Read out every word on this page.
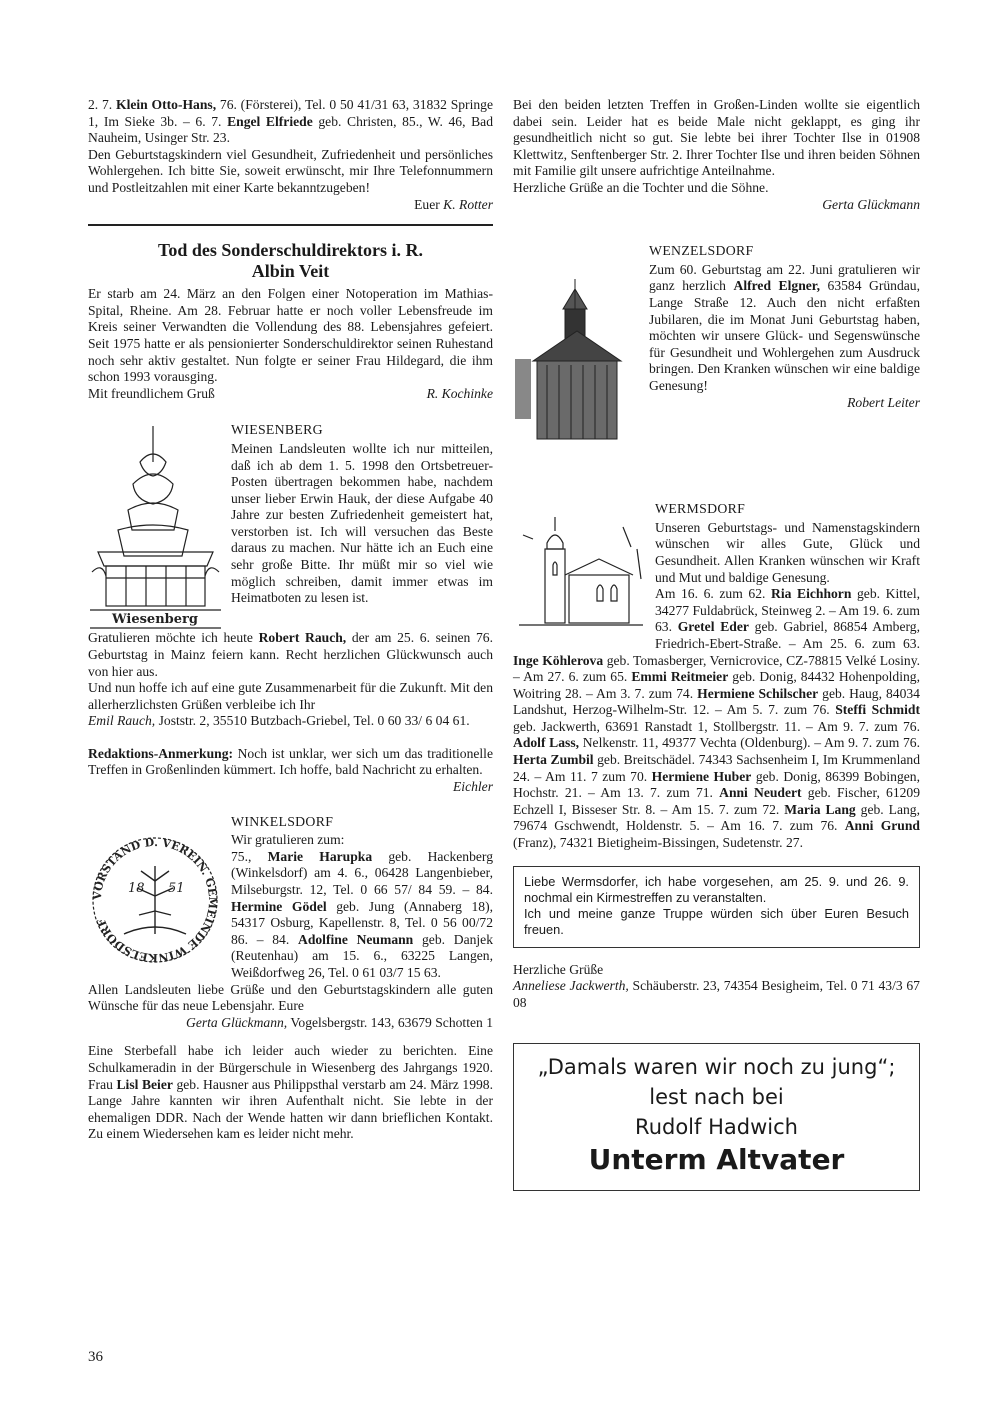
2. 7. Klein Otto-Hans, 76. (Försterei), Tel. 0 50 41/31 63, 31832 Springe 1, Im Sieke 3b. – 6. 7. Engel Elfriede geb. Christen, 85., W. 46, Bad Nauheim, Usinger Str. 23.

Den Geburtstagskindern viel Gesundheit, Zufriedenheit und persönliches Wohlergehen. Ich bitte Sie, soweit erwünscht, mir Ihre Telefonnummern und Postleitzahlen mit einer Karte bekanntzugeben!

Euer K. Rotter

Tod des Sonderschuldirektors i. R.
Albin Veit

Er starb am 24. März an den Folgen einer Notoperation im Mathias-Spital, Rheine. Am 28. Februar hatte er noch voller Lebensfreude im Kreis seiner Verwandten die Vollendung des 88. Lebensjahres gefeiert. Seit 1975 hatte er als pensionierter Sonderschuldirektor seinen Ruhestand noch sehr aktiv gestaltet. Nun folgte er seiner Frau Hildegard, die ihm schon 1993 vorausging.

Mit freundlichem Gruß	R. Kochinke
Wiesenberg
WIESENBERG

Meinen Landsleuten wollte ich nur mitteilen, daß ich ab dem 1. 5. 1998 den Ortsbetreuer-Posten übertragen bekommen habe, nachdem unser lieber Erwin Hauk, der diese Aufgabe 40 Jahre zur besten Zufriedenheit gemeistert hat, verstorben ist. Ich will versuchen das Beste daraus zu machen. Nur hätte ich an Euch eine sehr große Bitte. Ihr müßt mir so viel wie möglich schreiben, damit immer etwas im Heimatboten zu lesen ist.

Gratulieren möchte ich heute Robert Rauch, der am 25. 6. seinen 76. Geburtstag in Mainz feiern kann. Recht herzlichen Glückwunsch auch von hier aus.

Und nun hoffe ich auf eine gute Zusammenarbeit für die Zukunft. Mit den allerherzlichsten Grüßen verbleibe ich Ihr

Emil Rauch, Joststr. 2, 35510 Butzbach-Griebel, Tel. 0 60 33/ 6 04 61.

Redaktions-Anmerkung: Noch ist unklar, wer sich um das traditionelle Treffen in Großenlinden kümmert. Ich hoffe, bald Nachricht zu erhalten.

Eichler

VORSTAND D. VEREIN. GEMEINDE WINKELSDORF
18 51
WINKELSDORF

Wir gratulieren zum:

75., Marie Harupka geb. Hackenberg (Winkelsdorf) am 4. 6., 06428 Langenbieber, Milseburgstr. 12, Tel. 0 66 57/ 84 59. – 84. Hermine Gödel geb. Jung (Annaberg 18), 54317 Osburg, Kapellenstr. 8, Tel. 0 56 00/72 86. – 84. Adolfine Neumann geb. Danjek (Reutenhau) am 15. 6., 63225 Langen, Weißdorfweg 26, Tel. 0 61 03/7 15 63.

Allen Landsleuten liebe Grüße und den Geburtstagskindern alle guten Wünsche für das neue Lebensjahr. Eure

Gerta Glückmann, Vogelsbergstr. 143, 63679 Schotten 1

Eine Sterbefall habe ich leider auch wieder zu berichten. Eine Schulkameradin in der Bürgerschule in Wiesenberg des Jahrgangs 1920. Frau Lisl Beier geb. Hausner aus Philippsthal verstarb am 24. März 1998. Lange Jahre kannten wir ihren Aufenthalt nicht. Sie lebte in der ehemaligen DDR. Nach der Wende hatten wir dann brieflichen Kontakt. Zu einem Wiedersehen kam es leider nicht mehr.

Bei den beiden letzten Treffen in Großen-Linden wollte sie eigentlich dabei sein. Leider hat es beide Male nicht geklappt, es ging ihr gesundheitlich nicht so gut. Sie lebte bei ihrer Tochter Ilse in 01908 Klettwitz, Senftenberger Str. 2. Ihrer Tochter Ilse und ihren beiden Söhnen mit Familie gilt unsere aufrichtige Anteilnahme.

Herzliche Grüße an die Tochter und die Söhne.

Gerta Glückmann

WENZELSDORF

Zum 60. Geburtstag am 22. Juni gratulieren wir ganz herzlich Alfred Elgner, 63584 Gründau, Lange Straße 12. Auch den nicht erfaßten Jubilaren, die im Monat Juni Geburtstag haben, möchten wir unsere Glück- und Segenswünsche für Gesundheit und Wohlergehen zum Ausdruck bringen. Den Kranken wünschen wir eine baldige Genesung!

Robert Leiter

WERMSDORF

Unseren Geburtstags- und Namenstagskindern wünschen wir alles Gute, Glück und Gesundheit. Allen Kranken wünschen wir Kraft und Mut und baldige Genesung.

Am 16. 6. zum 62. Ria Eichhorn geb. Kittel, 34277 Fuldabrück, Steinweg 2. – Am 19. 6. zum 63. Gretel Eder geb. Gabriel, 86854 Amberg, Friedrich-Ebert-Straße. – Am 25. 6. zum 63. Inge Köhlerova geb. Tomasberger, Vernicrovice, CZ-78815 Velké Losiny. – Am 27. 6. zum 65. Emmi Reitmeier geb. Donig, 84432 Hohenpolding, Woitring 28. – Am 3. 7. zum 74. Hermiene Schilscher geb. Haug, 84034 Landshut, Herzog-Wilhelm-Str. 12. – Am 5. 7. zum 76. Steffi Schmidt geb. Jackwerth, 63691 Ranstadt 1, Stollbergstr. 11. – Am 9. 7. zum 76. Adolf Lass, Nelkenstr. 11, 49377 Vechta (Oldenburg). – Am 9. 7. zum 76. Herta Zumbil geb. Breitschädel. 74343 Sachsenheim I, Im Krummenland 24. – Am 11. 7 zum 70. Hermiene Huber geb. Donig, 86399 Bobingen, Hochstr. 21. – Am 13. 7. zum 71. Anni Neudert geb. Fischer, 61209 Echzell I, Bisseser Str. 8. – Am 15. 7. zum 72. Maria Lang geb. Lang, 79674 Gschwendt, Holdenstr. 5. – Am 16. 7. zum 76. Anni Grund (Franz), 74321 Bietigheim-Bissingen, Sudetenstr. 27.

Liebe Wermsdorfer, ich habe vorgesehen, am 25. 9. und 26. 9. nochmal ein Kirmestreffen zu veranstalten.

Ich und meine ganze Truppe würden sich über Euren Besuch freuen.

Herzliche Grüße

Anneliese Jackwerth, Schäuberstr. 23, 74354 Besigheim, Tel. 0 71 43/3 67 08

„Damals waren wir noch zu jung“;
lest nach bei
Rudolf Hadwich
Unterm Altvater
36
